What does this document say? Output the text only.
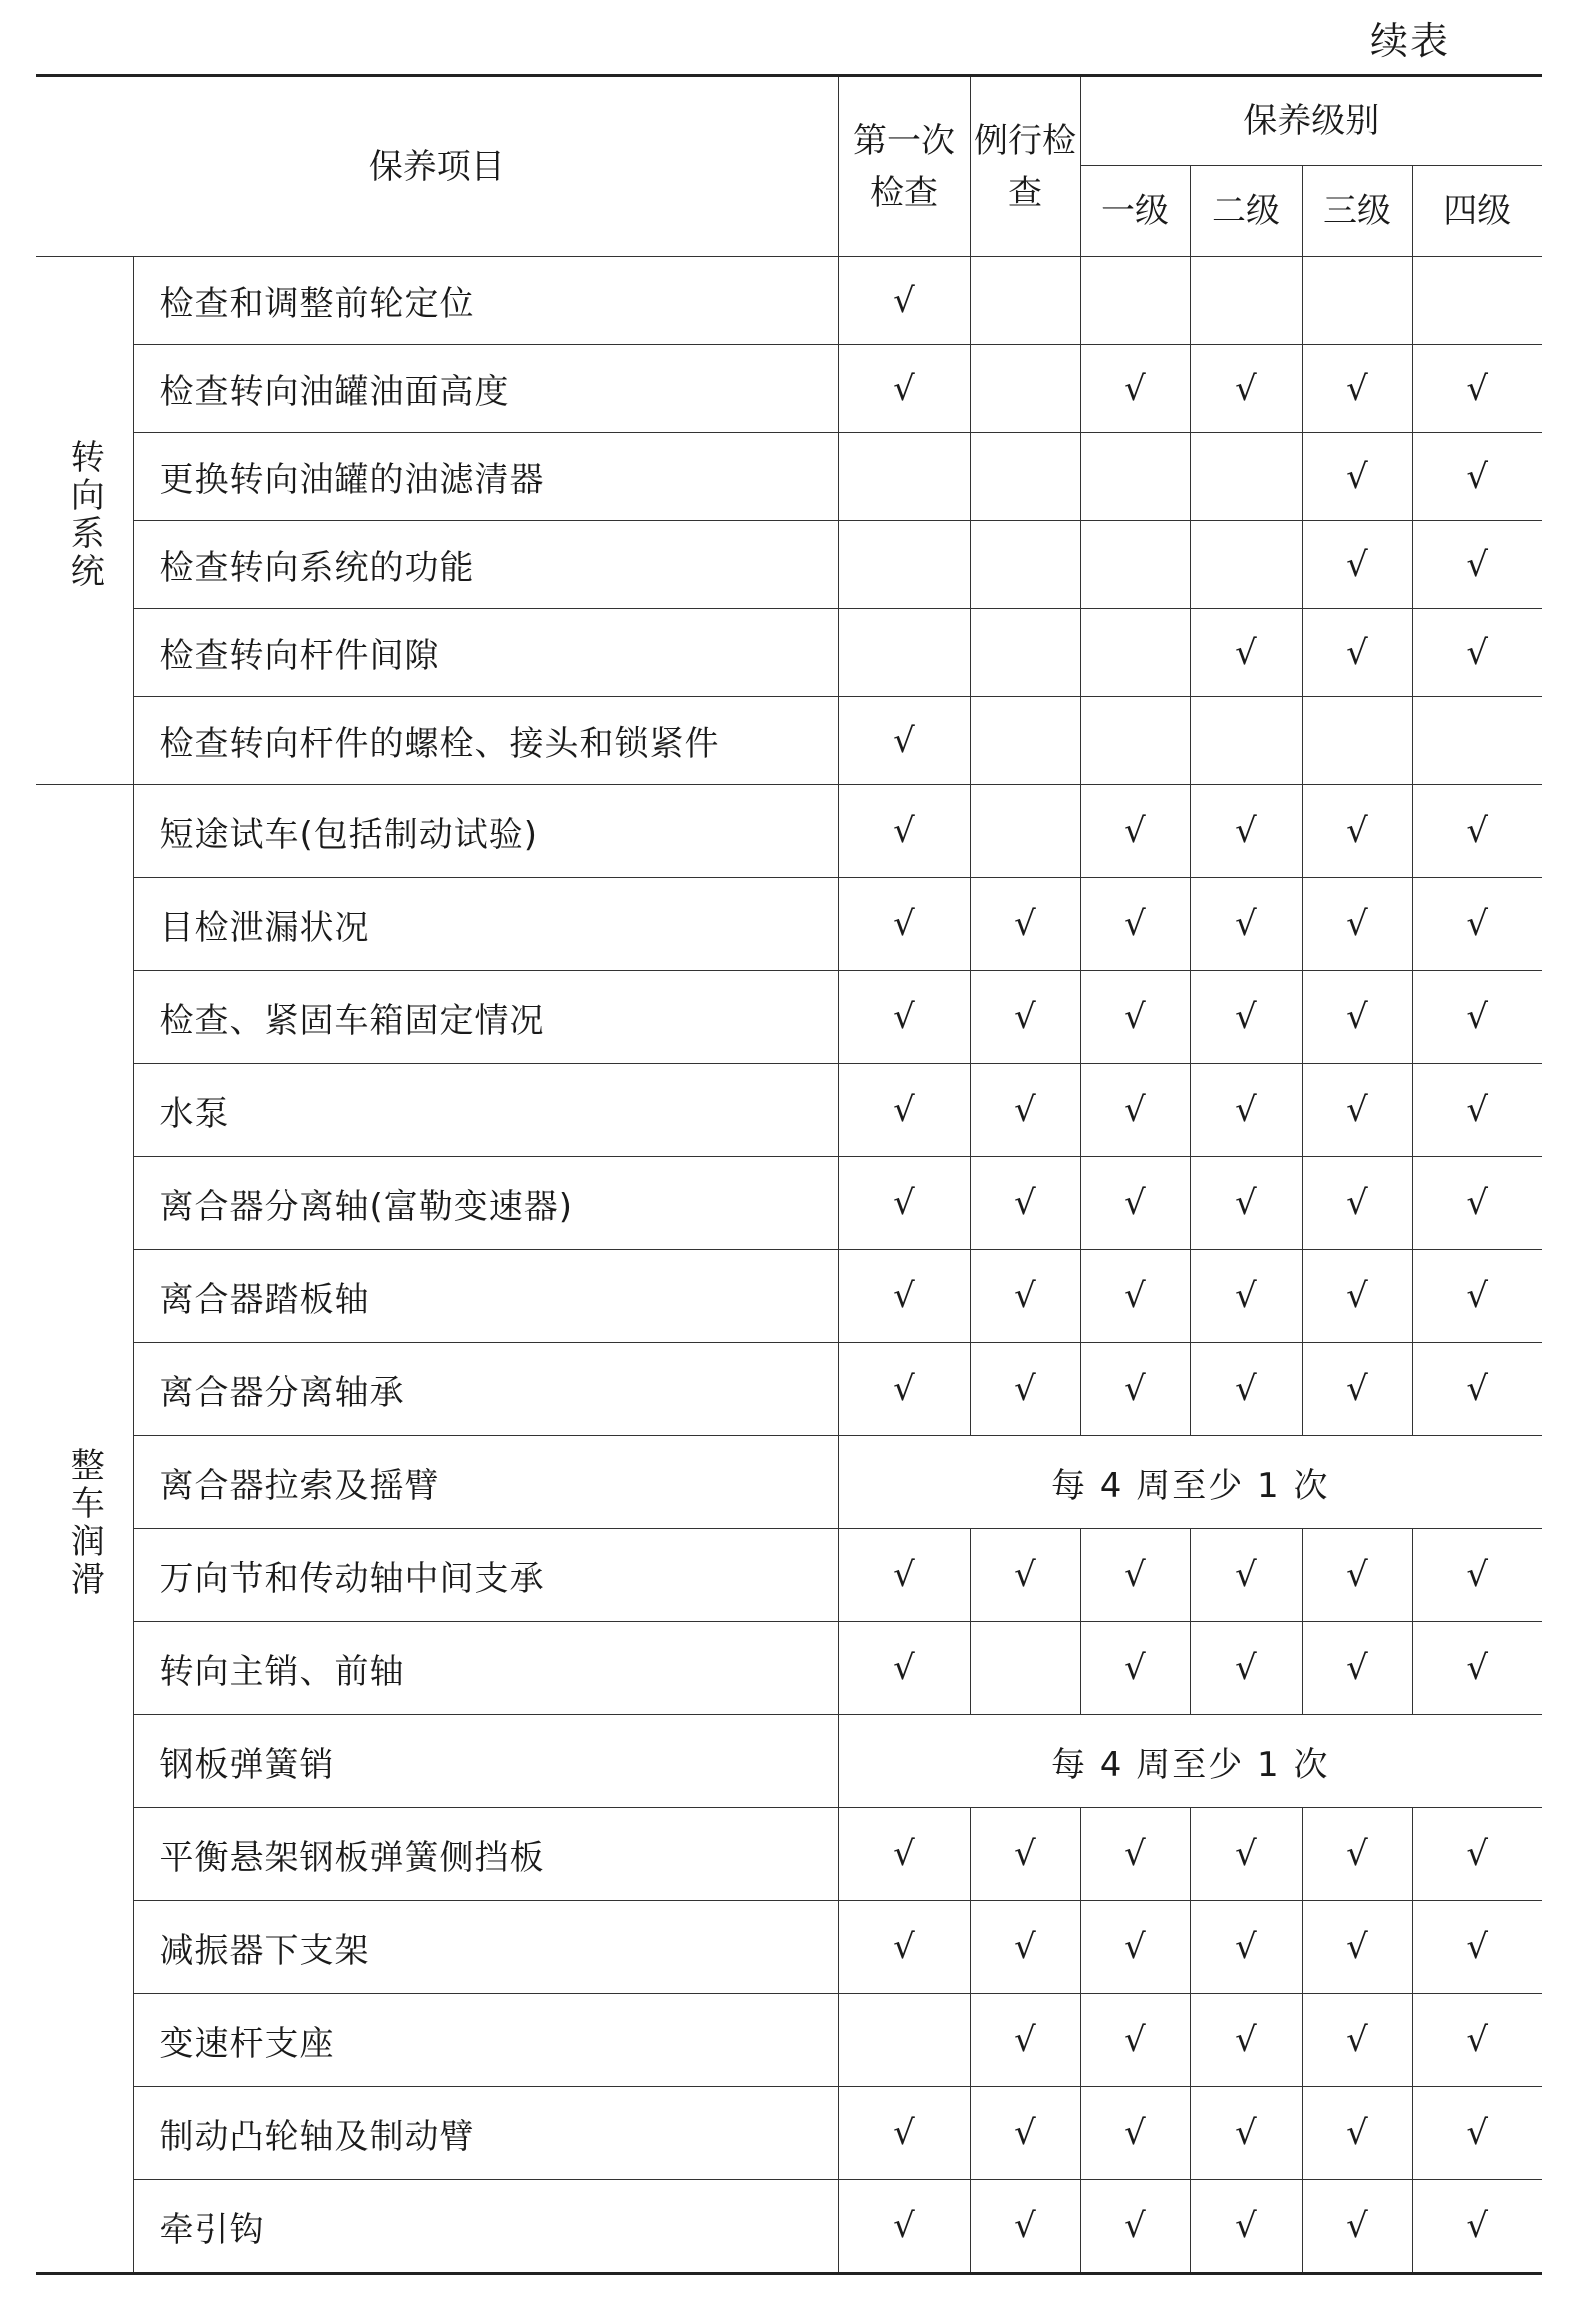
续表
保养项目		第一次检查	例行检查	保养级别			
				一级	二级	三级	四级
转向系统	检查和调整前轮定位	√					
	检查转向油罐油面高度	√		√	√	√	√
	更换转向油罐的油滤清器					√	√
	检查转向系统的功能					√	√
	检查转向杆件间隙				√	√	√
	检查转向杆件的螺栓、接头和锁紧件	√					
整车润滑	短途试车(包括制动试验)	√		√	√	√	√
	目检泄漏状况	√	√	√	√	√	√
	检查、紧固车箱固定情况	√	√	√	√	√	√
	水泵	√	√	√	√	√	√
	离合器分离轴(富勒变速器)	√	√	√	√	√	√
	离合器踏板轴	√	√	√	√	√	√
	离合器分离轴承	√	√	√	√	√	√
	离合器拉索及摇臂	每 4 周至少 1 次					
	万向节和传动轴中间支承	√	√	√	√	√	√
	转向主销、前轴	√		√	√	√	√
	钢板弹簧销	每 4 周至少 1 次					
	平衡悬架钢板弹簧侧挡板	√	√	√	√	√	√
	减振器下支架	√	√	√	√	√	√
	变速杆支座		√	√	√	√	√
	制动凸轮轴及制动臂	√	√	√	√	√	√
	牵引钩	√	√	√	√	√	√
